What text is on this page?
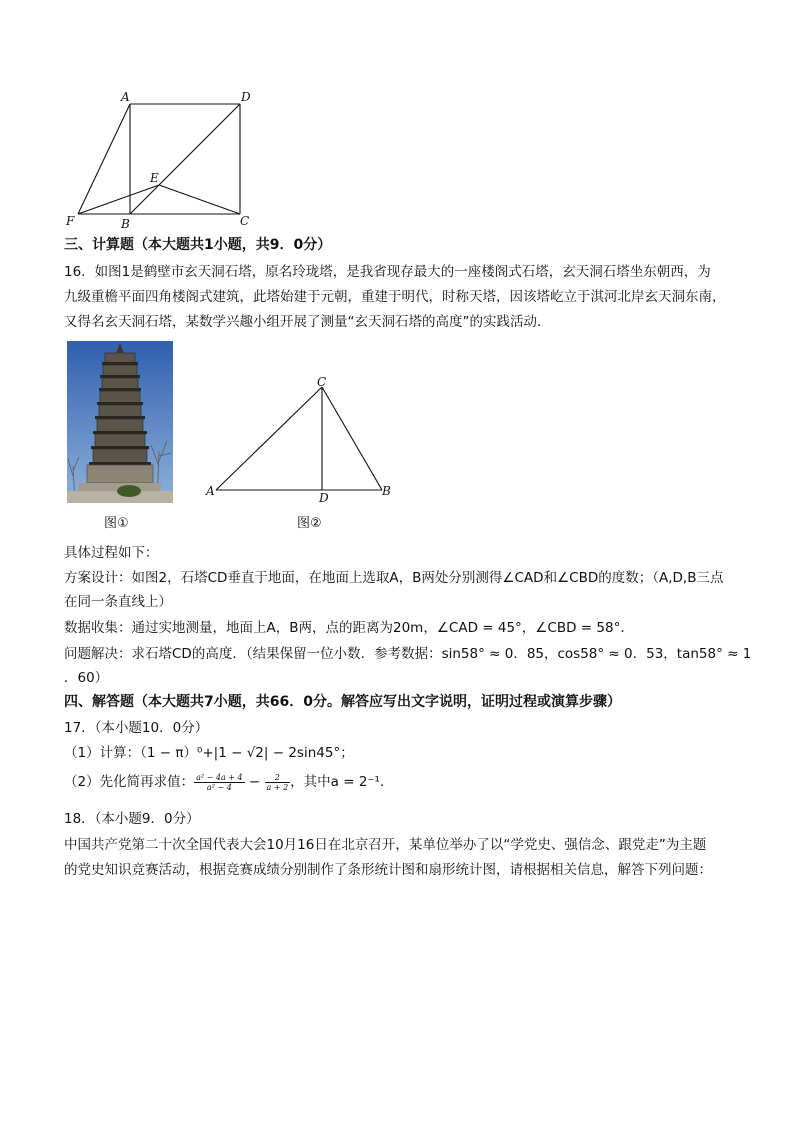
A	D
E
F	B	C
三、计算题（本大题共1小题，共9．0分）
16．如图1是鹤壁市玄天洞石塔，原名玲珑塔，是我省现存最大的一座楼阁式石塔，玄天洞石塔坐东朝西，为
九级重檐平面四角楼阁式建筑，此塔始建于元朝，重建于明代，时称天塔，因该塔屹立于淇河北岸玄天洞东南，
又得名玄天洞石塔，某数学兴趣小组开展了测量“玄天洞石塔的高度”的实践活动．
C
A	D	B
图①	图②
具体过程如下：
方案设计：如图2，石塔CD垂直于地面，在地面上选取A，B两处分别测得∠CAD和∠CBD的度数；（A,D,B三点
在同一条直线上）
数据收集：通过实地测量，地面上A，B两，点的距离为20m，∠CAD = 45°，∠CBD = 58°．
问题解决：求石塔CD的高度．（结果保留一位小数．参考数据：sin58° ≈ 0．85，cos58° ≈ 0．53，tan58° ≈ 1
．60）
四、解答题（本大题共7小题，共66．0分。解答应写出文字说明，证明过程或演算步骤）
17．（本小题10．0分）
（1）计算：（1 − π）⁰+|1 − √2| − 2sin45°；
（2）先化简再求值： $\frac{\text{a² − 4a + 4}}{\text{a² − 4}} - \frac{2}{a + 2}$ ，其中a = 2⁻¹．
18．（本小题9．0分）
中国共产党第二十次全国代表大会10月16日在北京召开，某单位举办了以“学党史、强信念、跟党走”为主题
的党史知识竞赛活动，根据竞赛成绩分别制作了条形统计图和扇形统计图，请根据相关信息，解答下列问题：
